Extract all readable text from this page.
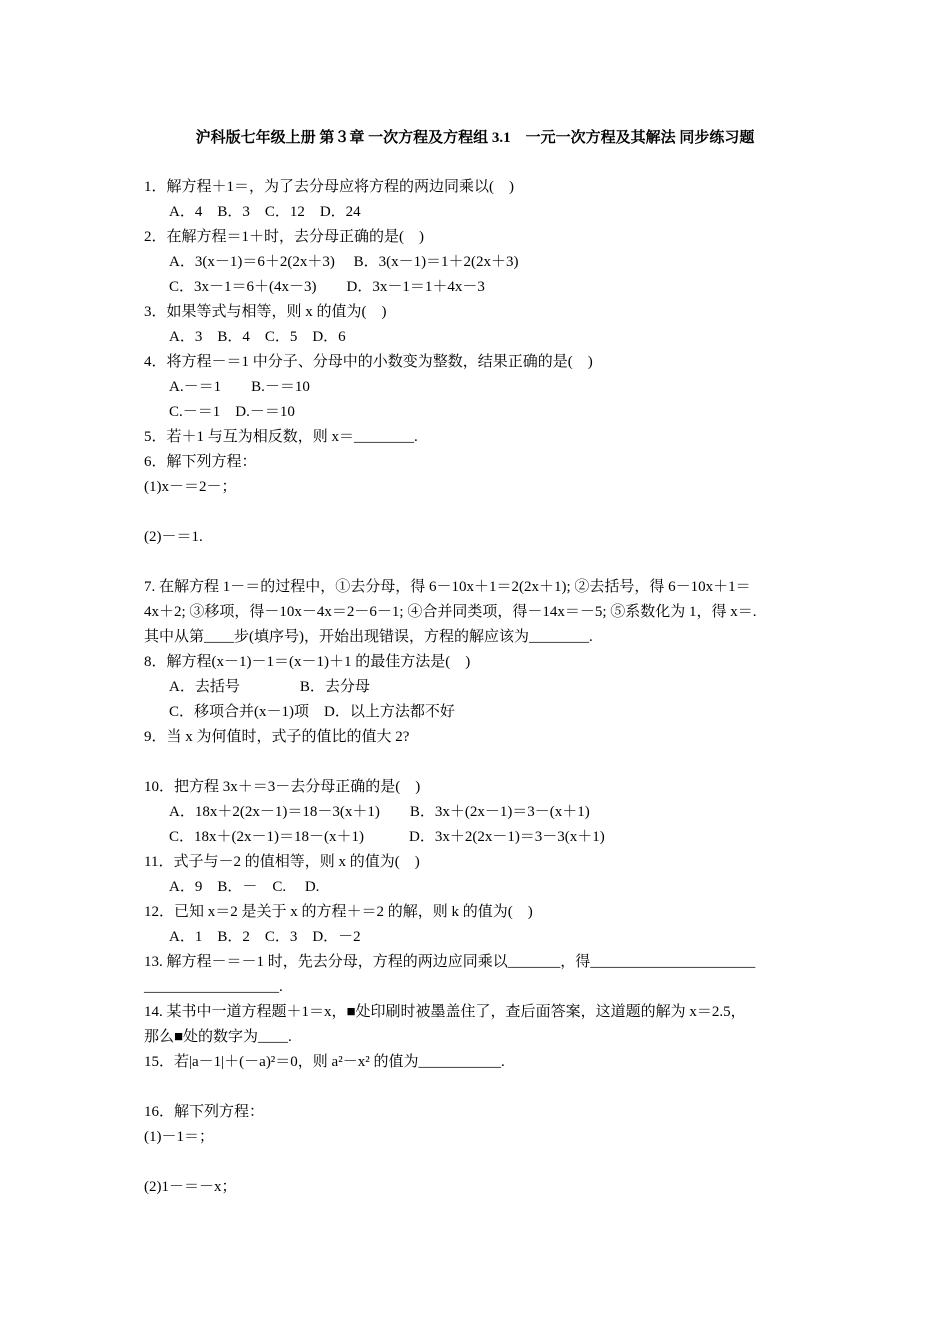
沪科版七年级上册 第３章 一次方程及方程组 3.1　一元一次方程及其解法 同步练习题
1．解方程＋1＝，为了去分母应将方程的两边同乘以(　)
A．4　B．3　C．12　D．24
2．在解方程＝1＋时，去分母正确的是(　)
A．3(x－1)＝6＋2(2x＋3)　 B．3(x－1)＝1＋2(2x＋3)
C．3x－1＝6＋(4x－3)　　D．3x－1＝1＋4x－3
3．如果等式与相等，则 x 的值为(　)
A．3　B．4　C．5　D．6
4．将方程－＝1 中分子、分母中的小数变为整数，结果正确的是(　)
A.－＝1　　B.－＝10
C.－＝1　D.－＝10
5．若＋1 与互为相反数，则 x＝________.
6．解下列方程：
(1)x－＝2－；
(2)－＝1.
7. 在解方程 1－＝的过程中，①去分母，得 6－10x＋1＝2(2x＋1); ②去括号，得 6－10x＋1＝
4x＋2; ③移项，得－10x－4x＝2－6－1; ④合并同类项，得－14x＝－5; ⑤系数化为 1，得 x＝.
其中从第____步(填序号)，开始出现错误，方程的解应该为________.
8．解方程(x－1)－1＝(x－1)＋1 的最佳方法是(　)
A．去括号　　　　B．去分母
C．移项合并(x－1)项　D．以上方法都不好
9．当 x 为何值时，式子的值比的值大 2?
10．把方程 3x＋＝3－去分母正确的是(　)
A．18x＋2(2x－1)＝18－3(x＋1)　　B．3x＋(2x－1)＝3－(x＋1)
C．18x＋(2x－1)＝18－(x＋1)　　　D．3x＋2(2x－1)＝3－3(x＋1)
11．式子与－2 的值相等，则 x 的值为(　)
A．9　B．－　C.　 D.
12．已知 x＝2 是关于 x 的方程＋＝2 的解，则 k 的值为(　)
A．1　B．2　C．3　D．－2
13. 解方程－＝－1 时，先去分母，方程的两边应同乘以_______，得______________________
__________________.
14. 某书中一道方程题＋1＝x，■处印刷时被墨盖住了，查后面答案，这道题的解为 x＝2.5，
那么■处的数字为____.
15．若|a－1|＋(－a)²＝0，则 a²－x² 的值为___________.
16．解下列方程：
(1)－1＝；
(2)1－＝－x；
